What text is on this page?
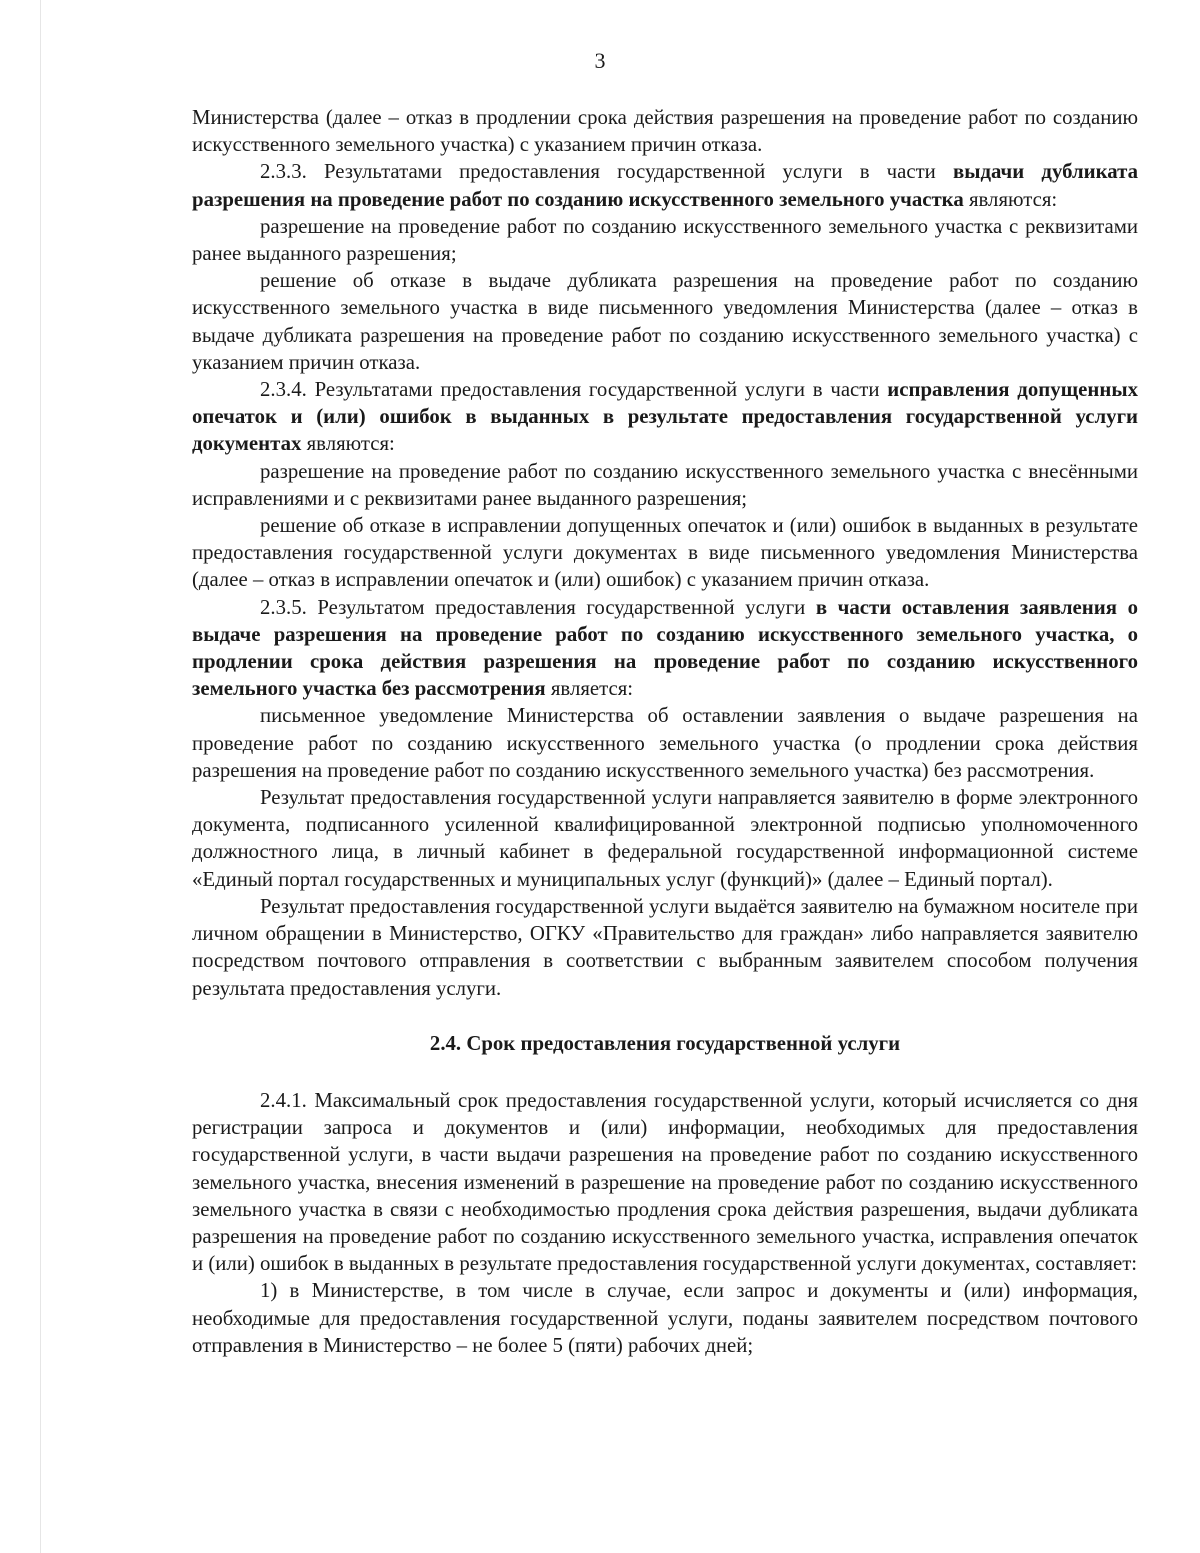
3

Министерства (далее – отказ в продлении срока действия разрешения на проведение работ по созданию искусственного земельного участка) с указанием причин отказа.

2.3.3. Результатами предоставления государственной услуги в части выдачи дубликата разрешения на проведение работ по созданию искусственного земельного участка являются:

разрешение на проведение работ по созданию искусственного земельного участка с реквизитами ранее выданного разрешения;

решение об отказе в выдаче дубликата разрешения на проведение работ по созданию искусственного земельного участка в виде письменного уведомления Министерства (далее – отказ в выдаче дубликата разрешения на проведение работ по созданию искусственного земельного участка) с указанием причин отказа.

2.3.4. Результатами предоставления государственной услуги в части исправления допущенных опечаток и (или) ошибок в выданных в результате предоставления государственной услуги документах являются:

разрешение на проведение работ по созданию искусственного земельного участка с внесёнными исправлениями и с реквизитами ранее выданного разрешения;

решение об отказе в исправлении допущенных опечаток и (или) ошибок в выданных в результате предоставления государственной услуги документах в виде письменного уведомления Министерства (далее – отказ в исправлении опечаток и (или) ошибок) с указанием причин отказа.

2.3.5. Результатом предоставления государственной услуги в части оставления заявления о выдаче разрешения на проведение работ по созданию искусственного земельного участка, о продлении срока действия разрешения на проведение работ по созданию искусственного земельного участка без рассмотрения является:

письменное уведомление Министерства об оставлении заявления о выдаче разрешения на проведение работ по созданию искусственного земельного участка (о продлении срока действия разрешения на проведение работ по созданию искусственного земельного участка) без рассмотрения.

Результат предоставления государственной услуги направляется заявителю в форме электронного документа, подписанного усиленной квалифицированной электронной подписью уполномоченного должностного лица, в личный кабинет в федеральной государственной информационной системе «Единый портал государственных и муниципальных услуг (функций)» (далее – Единый портал).

Результат предоставления государственной услуги выдаётся заявителю на бумажном носителе при личном обращении в Министерство, ОГКУ «Правительство для граждан» либо направляется заявителю посредством почтового отправления в соответствии с выбранным заявителем способом получения результата предоставления услуги.

2.4. Срок предоставления государственной услуги

2.4.1. Максимальный срок предоставления государственной услуги, который исчисляется со дня регистрации запроса и документов и (или) информации, необходимых для предоставления государственной услуги, в части выдачи разрешения на проведение работ по созданию искусственного земельного участка, внесения изменений в разрешение на проведение работ по созданию искусственного земельного участка в связи с необходимостью продления срока действия разрешения, выдачи дубликата разрешения на проведение работ по созданию искусственного земельного участка, исправления опечаток и (или) ошибок в выданных в результате предоставления государственной услуги документах, составляет:

1) в Министерстве, в том числе в случае, если запрос и документы и (или) информация, необходимые для предоставления государственной услуги, поданы заявителем посредством почтового отправления в Министерство – не более 5 (пяти) рабочих дней;
